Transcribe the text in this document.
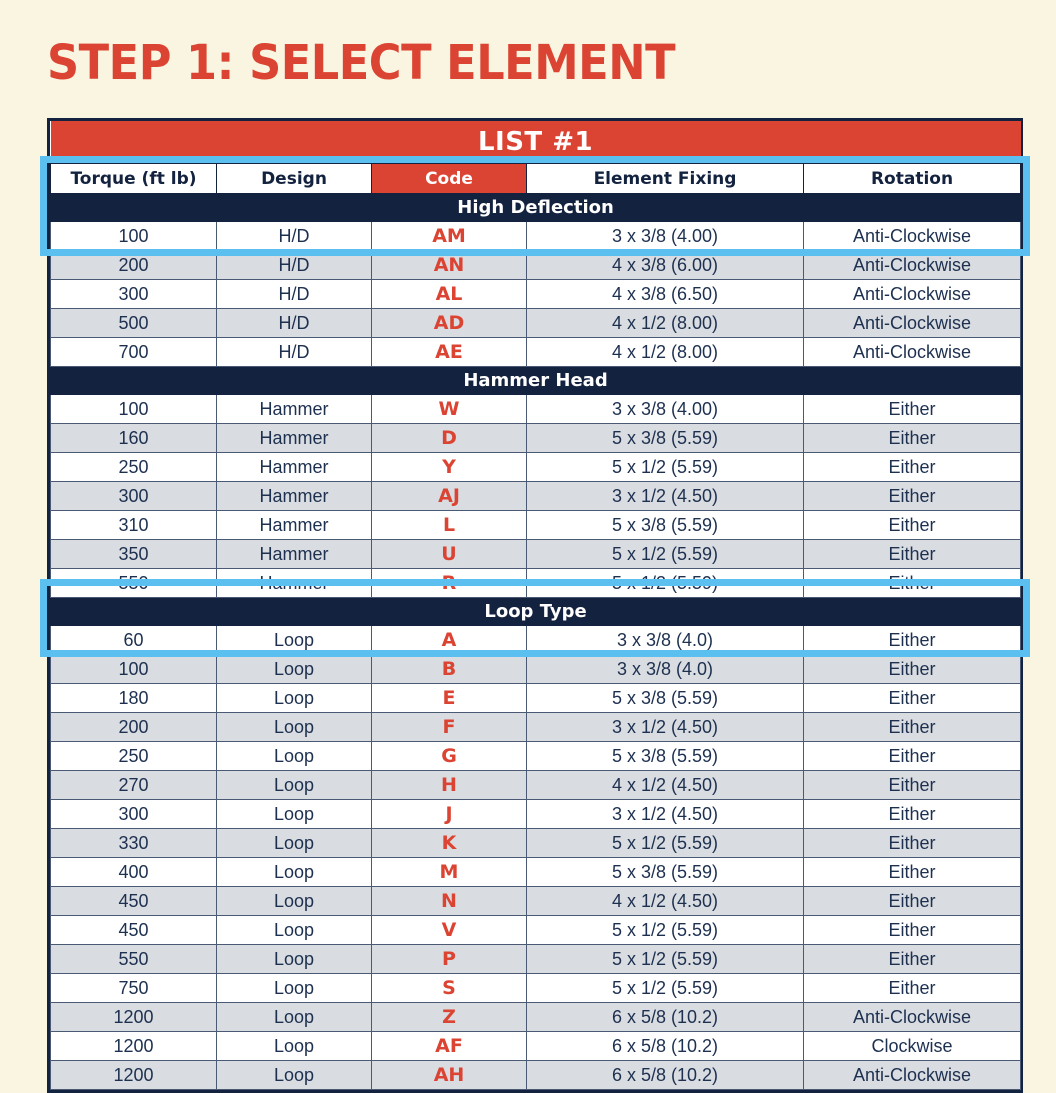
STEP 1: SELECT ELEMENT
LIST #1				
Torque (ft lb)	Design	Code	Element Fixing	Rotation
High Deflection				
100	H/D	AM	3 x 3/8 (4.00)	Anti-Clockwise
200	H/D	AN	4 x 3/8 (6.00)	Anti-Clockwise
300	H/D	AL	4 x 3/8 (6.50)	Anti-Clockwise
500	H/D	AD	4 x 1/2 (8.00)	Anti-Clockwise
700	H/D	AE	4 x 1/2 (8.00)	Anti-Clockwise
Hammer Head				
100	Hammer	W	3 x 3/8 (4.00)	Either
160	Hammer	D	5 x 3/8 (5.59)	Either
250	Hammer	Y	5 x 1/2 (5.59)	Either
300	Hammer	AJ	3 x 1/2 (4.50)	Either
310	Hammer	L	5 x 3/8 (5.59)	Either
350	Hammer	U	5 x 1/2 (5.59)	Either
550	Hammer	R	5 x 1/2 (5.59)	Either
Loop Type				
60	Loop	A	3 x 3/8 (4.0)	Either
100	Loop	B	3 x 3/8 (4.0)	Either
180	Loop	E	5 x 3/8 (5.59)	Either
200	Loop	F	3 x 1/2 (4.50)	Either
250	Loop	G	5 x 3/8 (5.59)	Either
270	Loop	H	4 x 1/2 (4.50)	Either
300	Loop	J	3 x 1/2 (4.50)	Either
330	Loop	K	5 x 1/2 (5.59)	Either
400	Loop	M	5 x 3/8 (5.59)	Either
450	Loop	N	4 x 1/2 (4.50)	Either
450	Loop	V	5 x 1/2 (5.59)	Either
550	Loop	P	5 x 1/2 (5.59)	Either
750	Loop	S	5 x 1/2 (5.59)	Either
1200	Loop	Z	6 x 5/8 (10.2)	Anti-Clockwise
1200	Loop	AF	6 x 5/8 (10.2)	Clockwise
1200	Loop	AH	6 x 5/8 (10.2)	Anti-Clockwise
